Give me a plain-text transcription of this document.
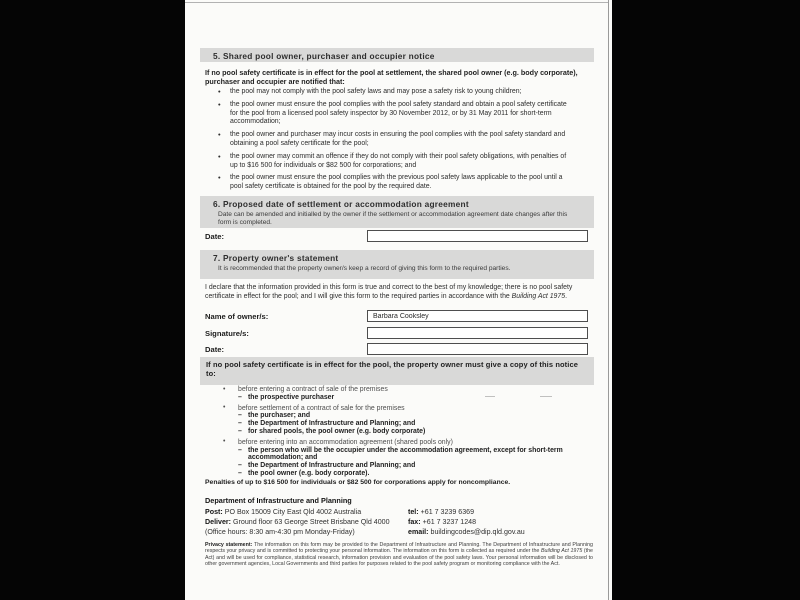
5. Shared pool owner, purchaser and occupier notice

If no pool safety certificate is in effect for the pool at settlement, the shared pool owner (e.g. body corporate), purchaser and occupier are notified that:

• the pool may not comply with the pool safety laws and may pose a safety risk to young children;
• the pool owner must ensure the pool complies with the pool safety standard and obtain a pool safety certificate for the pool from a licensed pool safety inspector by 30 November 2012, or by 31 May 2011 for short-term accommodation;
• the pool owner and purchaser may incur costs in ensuring the pool complies with the pool safety standard and obtaining a pool safety certificate for the pool;
• the pool owner may commit an offence if they do not comply with their pool safety obligations, with penalties of up to $16 500 for individuals or $82 500 for corporations; and
• the pool owner must ensure the pool complies with the previous pool safety laws applicable to the pool until a pool safety certificate is obtained for the pool by the required date.
6. Proposed date of settlement or accommodation agreement
Date can be amended and initialled by the owner if the settlement or accommodation agreement date changes after this form is completed.
Date:
7. Property owner's statement
It is recommended that the property owner/s keep a record of giving this form to the required parties.

I declare that the information provided in this form is true and correct to the best of my knowledge; there is no pool safety certificate in effect for the pool; and I will give this form to the required parties in accordance with the Building Act 1975.

Name of owner/s:
Barbara Cooksley
Signature/s:
Date:
If no pool safety certificate is in effect for the pool, the property owner must give a copy of this notice to:
• before entering a contract of sale of the premises
– the prospective purchaser
• before settlement of a contract of sale for the premises
– the purchaser; and
– the Department of Infrastructure and Planning; and
– for shared pools, the pool owner (e.g. body corporate)
• before entering into an accommodation agreement (shared pools only)
– the person who will be the occupier under the accommodation agreement, except for short-term accommodation; and
– the Department of Infrastructure and Planning; and
– the pool owner (e.g. body corporate).

Penalties of up to $16 500 for individuals or $82 500 for corporations apply for noncompliance.

Department of Infrastructure and Planning
Post: PO Box 15009 City East Qld 4002 Australia	tel: +61 7 3239 6369
Deliver: Ground floor 63 George Street Brisbane Qld 4000	fax: +61 7 3237 1248
(Office hours: 8:30 am-4:30 pm Monday-Friday)	email: buildingcodes@dip.qld.gov.au

Privacy statement: The information on this form may be provided to the Department of Infrastructure and Planning. The Department of Infrastructure and Planning respects your privacy and is committed to protecting your personal information. The information on this form is collected as required under the Building Act 1975 (the Act) and will be used for compliance, statistical research, information provision and evaluation of the pool safety laws. Your personal information will be disclosed to other government agencies, Local Governments and third parties for purposes related to the pool safety program or monitoring compliance with the Act.
